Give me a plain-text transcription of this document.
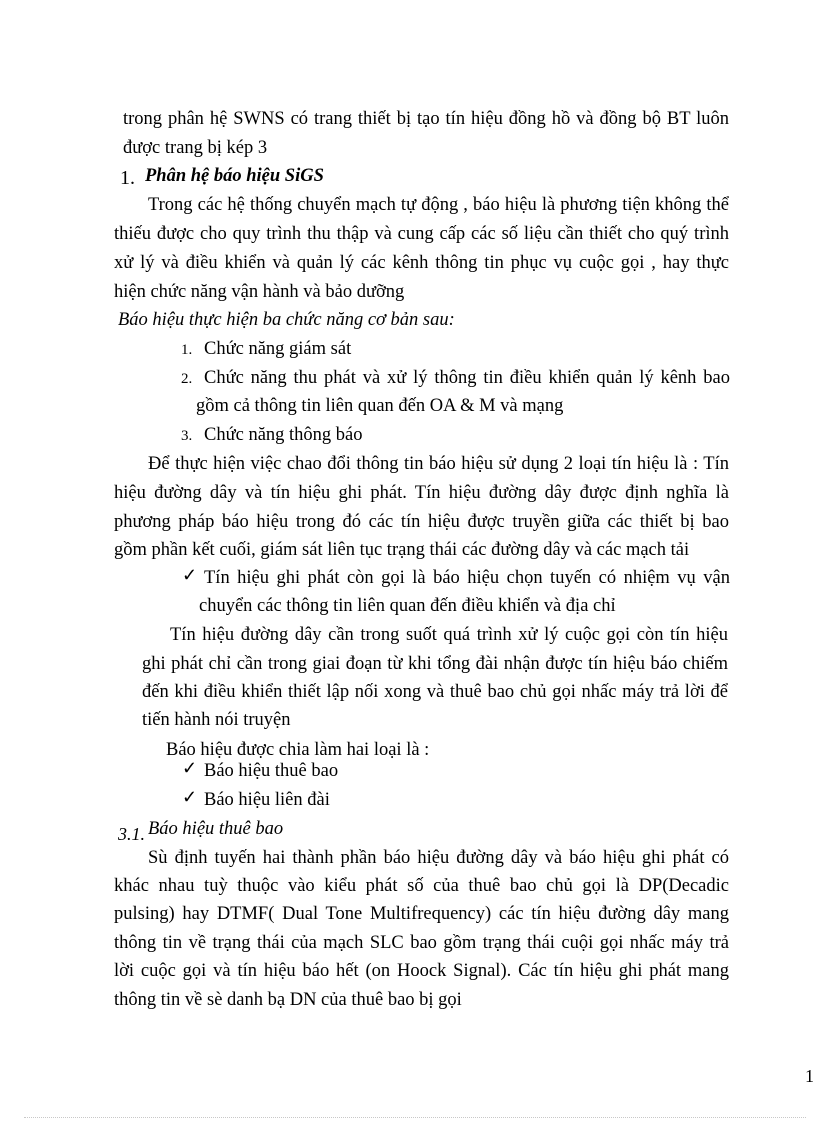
trong phân hệ SWNS có trang thiết bị tạo tín hiệu đồng hồ và đồng bộ BT luôn
được trang bị kép 3
1. Phân hệ báo hiệu SiGS
Trong các hệ thống chuyển mạch tự động , báo hiệu là phương tiện không thể
thiếu được cho quy trình thu thập và cung cấp các số liệu cần thiết cho quý trình
xử lý và điều khiển và quản lý các kênh thông tin phục vụ cuộc gọi , hay thực
hiện chức năng vận hành và bảo dưỡng
Báo hiệu thực hiện ba chức năng cơ bản sau:
1. Chức năng giám sát
2. Chức năng thu phát và xử lý thông tin điều khiển quản lý kênh bao
gồm cả thông tin liên quan đến OA & M và mạng
3. Chức năng thông báo
Để thực hiện việc chao đổi thông tin báo hiệu sử dụng 2 loại tín hiệu là : Tín
hiệu đường dây và tín hiệu ghi phát. Tín hiệu đường dây được định nghĩa là
phương pháp báo hiệu trong đó các tín hiệu được truyền giữa các thiết bị bao
gồm phần kết cuối, giám sát liên tục trạng thái các đường dây và các mạch tải
✓ Tín hiệu ghi phát còn gọi là báo hiệu chọn tuyến có nhiệm vụ vận
chuyển các thông tin liên quan đến điều khiển và địa chỉ
Tín hiệu đường dây cần trong suốt quá trình xử lý cuộc gọi còn tín hiệu
ghi phát chỉ cần trong giai đoạn từ khi tổng đài nhận được tín hiệu báo chiếm
đến khi điều khiển thiết lập nối xong và thuê bao chủ gọi nhấc máy trả lời để
tiến hành nói truyện
Báo hiệu được chia làm hai loại là :
✓ Báo hiệu thuê bao
✓ Báo hiệu liên đài
3.1. Báo hiệu thuê bao
Sù định tuyến hai thành phần báo hiệu đường dây và báo hiệu ghi phát có
khác nhau tuỳ thuộc vào kiểu phát số của thuê bao chủ gọi là DP(Decadic
pulsing) hay DTMF( Dual Tone Multifrequency) các tín hiệu đường dây mang
thông tin về trạng thái của mạch SLC bao gồm trạng thái cuội gọi nhấc máy trả
lời cuộc gọi và tín hiệu báo hết (on Hoock Signal). Các tín hiệu ghi phát mang
thông tin về sè danh bạ DN của thuê bao bị gọi
1
